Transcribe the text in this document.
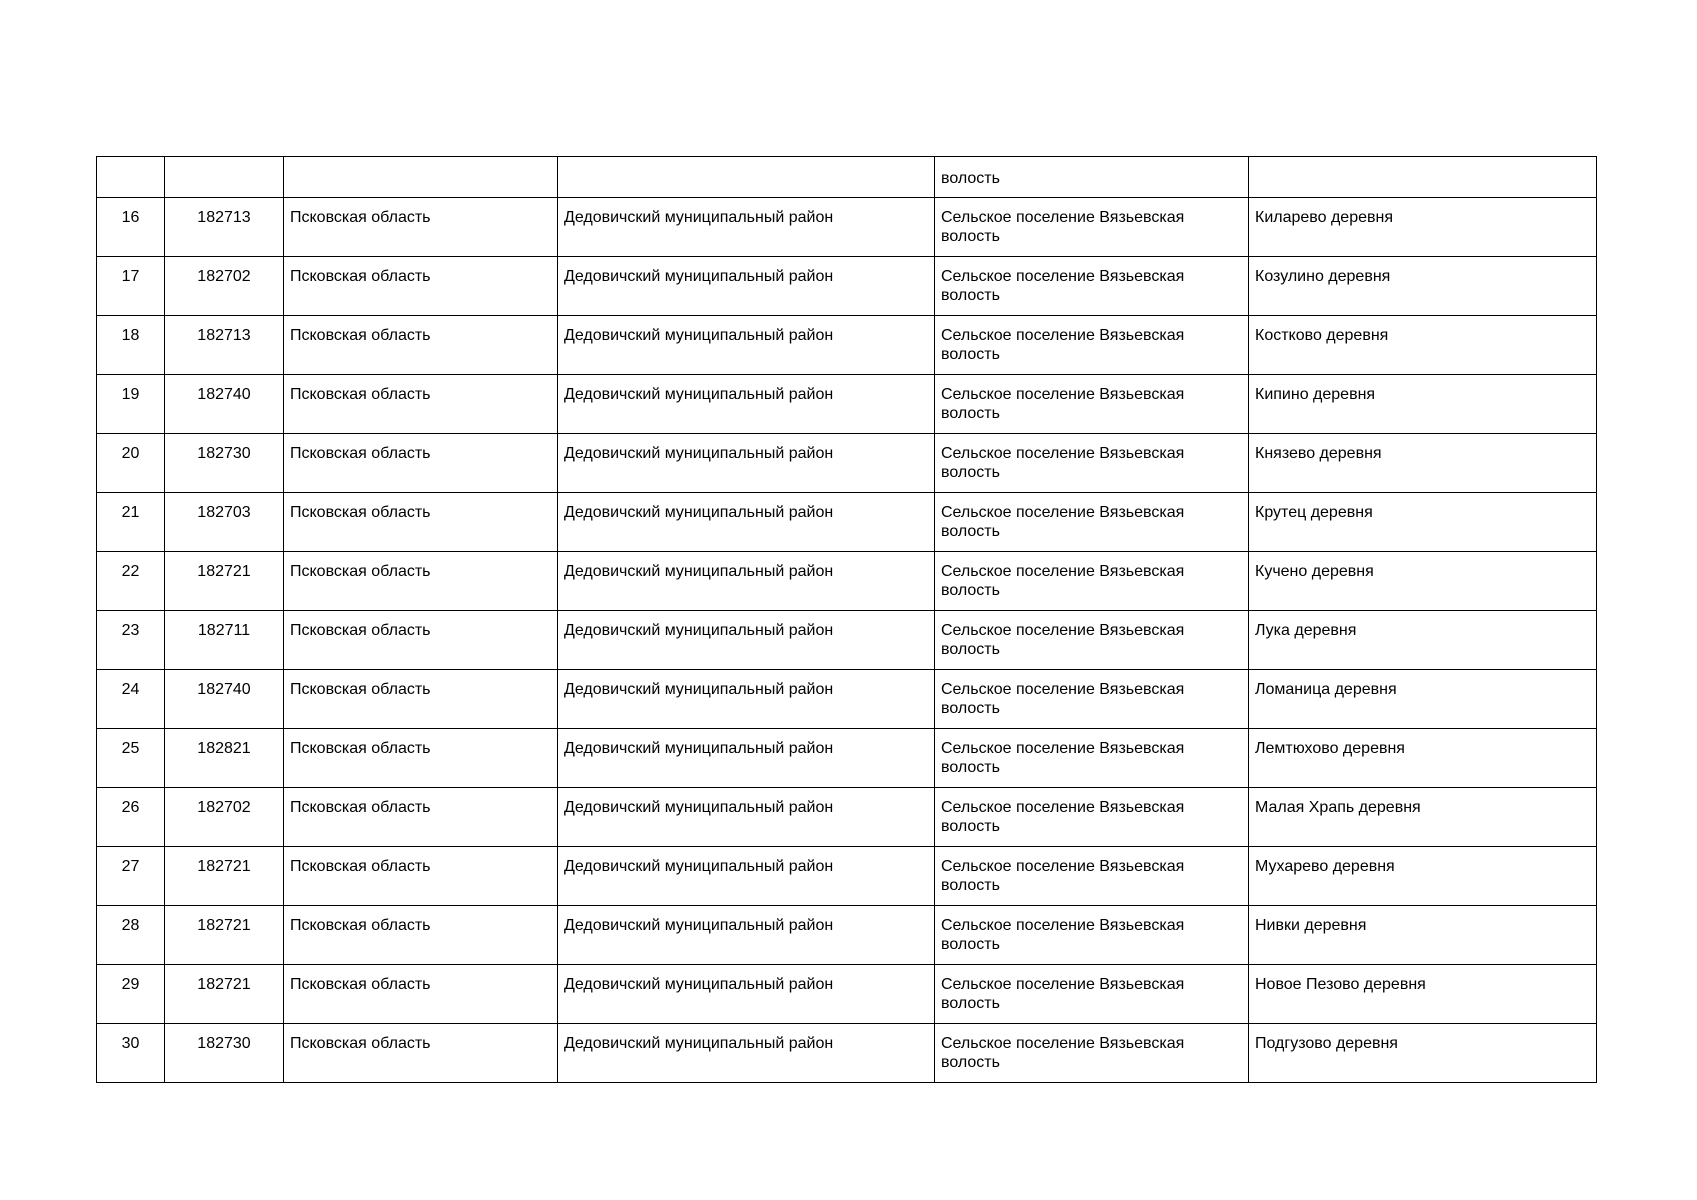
				волость	
16	182713	Псковская область	Дедовичский муниципальный район	Сельское поселение Вязьевская волость	Киларево деревня
17	182702	Псковская область	Дедовичский муниципальный район	Сельское поселение Вязьевская волость	Козулино деревня
18	182713	Псковская область	Дедовичский муниципальный район	Сельское поселение Вязьевская волость	Костково деревня
19	182740	Псковская область	Дедовичский муниципальный район	Сельское поселение Вязьевская волость	Кипино деревня
20	182730	Псковская область	Дедовичский муниципальный район	Сельское поселение Вязьевская волость	Князево деревня
21	182703	Псковская область	Дедовичский муниципальный район	Сельское поселение Вязьевская волость	Крутец деревня
22	182721	Псковская область	Дедовичский муниципальный район	Сельское поселение Вязьевская волость	Кучено деревня
23	182711	Псковская область	Дедовичский муниципальный район	Сельское поселение Вязьевская волость	Лука деревня
24	182740	Псковская область	Дедовичский муниципальный район	Сельское поселение Вязьевская волость	Ломаница деревня
25	182821	Псковская область	Дедовичский муниципальный район	Сельское поселение Вязьевская волость	Лемтюхово деревня
26	182702	Псковская область	Дедовичский муниципальный район	Сельское поселение Вязьевская волость	Малая Храпь деревня
27	182721	Псковская область	Дедовичский муниципальный район	Сельское поселение Вязьевская волость	Мухарево деревня
28	182721	Псковская область	Дедовичский муниципальный район	Сельское поселение Вязьевская волость	Нивки деревня
29	182721	Псковская область	Дедовичский муниципальный район	Сельское поселение Вязьевская волость	Новое Пезово деревня
30	182730	Псковская область	Дедовичский муниципальный район	Сельское поселение Вязьевская волость	Подгузово деревня
